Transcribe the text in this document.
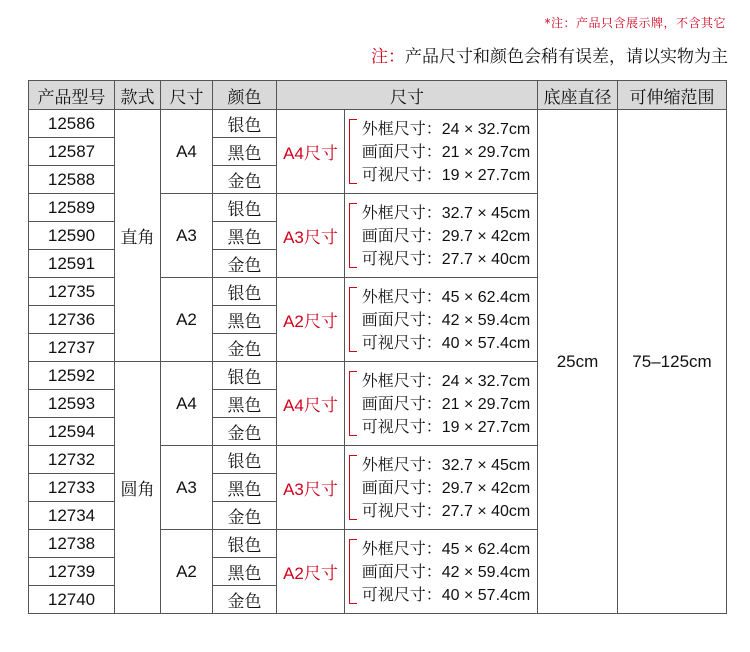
*注：产品只含展示牌，不含其它
注：产品尺寸和颜色会稍有误差，请以实物为主
产品型号	款式	尺寸	颜色	尺寸		底座直径	可伸缩范围
12586	直角	A4	银色	A4尺寸	外框尺寸：24 × 32.7cm
画面尺寸：21 × 29.7cm
可视尺寸：19 × 27.7cm	25cm	75–125cm
12587			黑色				
12588			金色				
12589		A3	银色	A3尺寸	外框尺寸：32.7 × 45cm
画面尺寸：29.7 × 42cm
可视尺寸：27.7 × 40cm		

12590			黑色				
12591			金色				
12735		A2	银色	A2尺寸	外框尺寸：45 × 62.4cm
画面尺寸：42 × 59.4cm
可视尺寸：40 × 57.4cm		

12736			黑色				
12737			金色				
12592	圆角	A4	银色	A4尺寸	外框尺寸：24 × 32.7cm
画面尺寸：21 × 29.7cm
可视尺寸：19 × 27.7cm		

12593			黑色				
12594			金色				
12732		A3	银色	A3尺寸	外框尺寸：32.7 × 45cm
画面尺寸：29.7 × 42cm
可视尺寸：27.7 × 40cm		

12733			黑色				
12734			金色				
12738		A2	银色	A2尺寸	外框尺寸：45 × 62.4cm
画面尺寸：42 × 59.4cm
可视尺寸：40 × 57.4cm		

12739			黑色				
12740			金色				
